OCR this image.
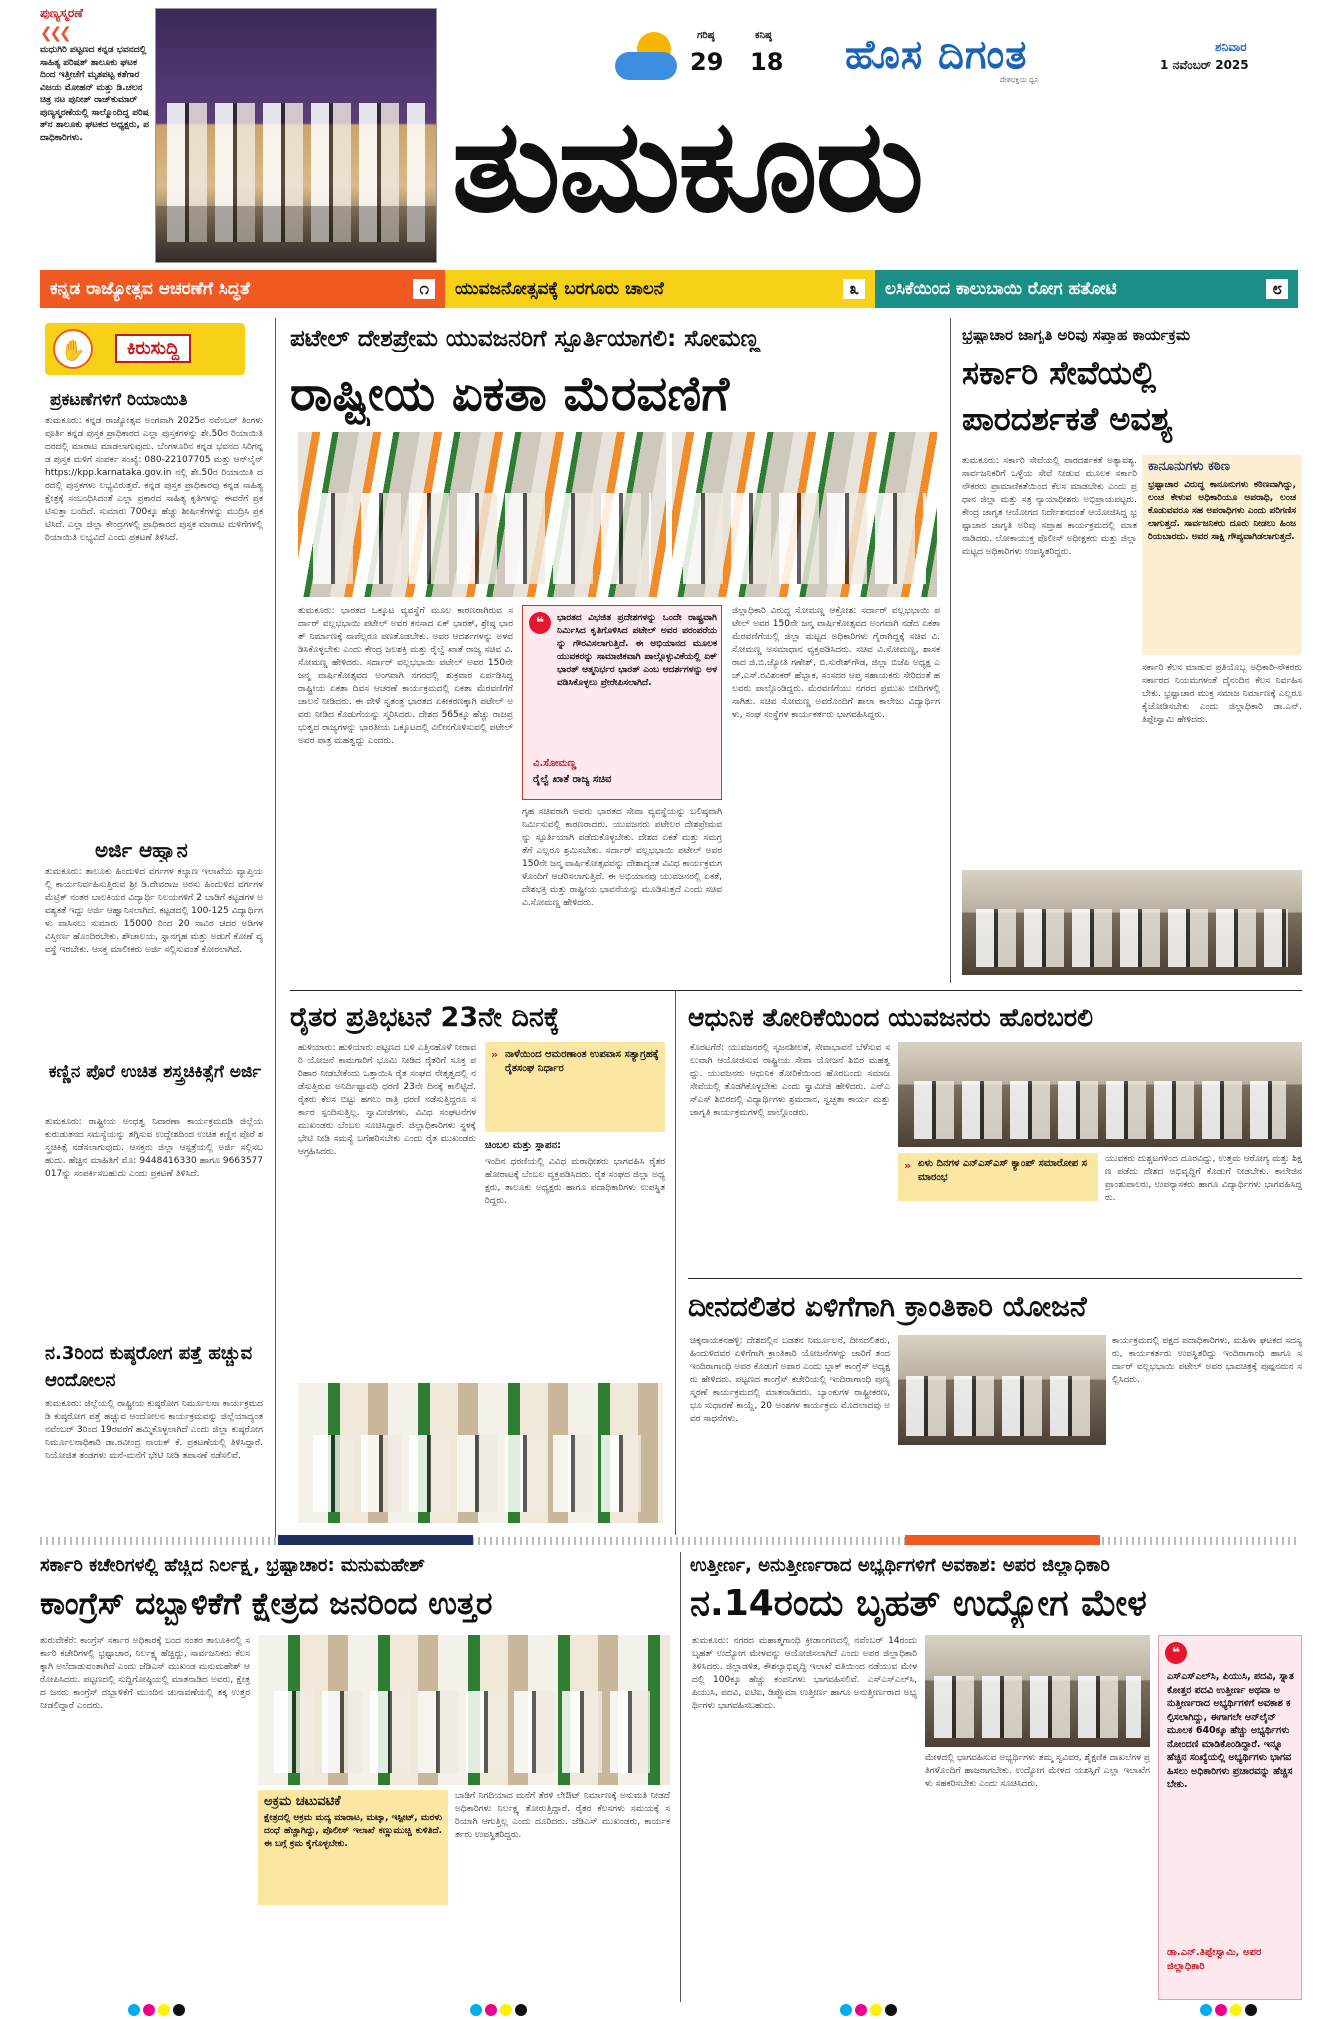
ಪುಣ್ಯಸ್ಮರಣೆ
❮❮❮
ಮಧುಗಿರಿ ಪಟ್ಟಣದ ಕನ್ನಡ ಭವನದಲ್ಲಿ ಸಾಹಿತ್ಯ ಪರಿಷತ್ ತಾಲೂಕು ಘಟಕದಿಂದ ಇತ್ತೀಚೆಗೆ ಮೃತಪಟ್ಟ ಕತೆಗಾರ ವಿಜಯ ಮೋಹನ್ ಮತ್ತು ಡಿ.ಚಲನಚಿತ್ರ ನಟ ಪುನೀತ್ ರಾಜ್‌ಕುಮಾರ್ ಪುಣ್ಯಸ್ಮರಣೆಯಲ್ಲಿ ಸಾಲ್ಮೊಂದಿದ್ದ ಪರಿಷತ್‌ನ ತಾಲೂಕು ಘಟಕದ ಅಧ್ಯಕ್ಷರು, ಪದಾಧಿಕಾರಿಗಳು.
ಗರಿಷ್ಠ
29
ಕನಿಷ್ಠ
18 ಹೊಸ ದಿಗಂತ
ದೇಶಭಕ್ತಿಯ ಧ್ವನಿ
ಶನಿವಾರ
1 ನವೆಂಬರ್ 2025
ತುಮಕೂರು
ಕನ್ನಡ ರಾಜ್ಯೋತ್ಸವ ಆಚರಣೆಗೆ ಸಿದ್ಧತೆ	೧	ಯುವಜನೋತ್ಸವಕ್ಕೆ ಬರಗೂರು ಚಾಲನೆ	೩	ಲಸಿಕೆಯಿಂದ ಕಾಲುಬಾಯಿ ರೋಗ ಹತೋಟಿ	೮
✋	ಕಿರುಸುದ್ದಿ
ಪ್ರಕಟಣೆಗಳಿಗೆ ರಿಯಾಯಿತಿ
ತುಮಕೂರು: ಕನ್ನಡ ರಾಜ್ಯೋತ್ಸವ ಅಂಗವಾಗಿ 2025ರ ನವೆಂಬರ್ ತಿಂಗಳು ಪೂರ್ತಿ ಕನ್ನಡ ಪುಸ್ತಕ ಪ್ರಾಧಿಕಾರದ ಎಲ್ಲಾ ಪುಸ್ತಕಗಳನ್ನು ಶೇ.50ರ ರಿಯಾಯಿತಿ ದರದಲ್ಲಿ ಮಾರಾಟ ಮಾಡಲಾಗುವುದು. ಬೆಂಗಳೂರಿನ ಕನ್ನಡ ಭವನದ ಸಿರಿಗನ್ನಡ ಪುಸ್ತಕ ಮಳಿಗೆ ಸಂಪರ್ಕ ಸಂಖ್ಯೆ: 080-22107705 ಮತ್ತು ಆನ್‌ಲೈನ್ https://kpp.karnataka.gov.in ನಲ್ಲಿ ಶೇ.50ರ ರಿಯಾಯಿತಿ ದರದಲ್ಲಿ ಪುಸ್ತಕಗಳು ಲಭ್ಯವಿರುತ್ತವೆ. ಕನ್ನಡ ಪುಸ್ತಕ ಪ್ರಾಧಿಕಾರವು ಕನ್ನಡ ಸಾಹಿತ್ಯ ಕ್ಷೇತ್ರಕ್ಕೆ ಸಂಬಂಧಿಸಿದಂತೆ ಎಲ್ಲಾ ಪ್ರಕಾರದ ಸಾಹಿತ್ಯ ಕೃತಿಗಳನ್ನು ಈವರೆಗೆ ಪ್ರಕಟಿಸುತ್ತಾ ಬಂದಿದೆ. ಸುಮಾರು 700ಕ್ಕೂ ಹೆಚ್ಚು ಶೀರ್ಷಿಕೆಗಳನ್ನು ಮುದ್ರಿಸಿ ಪ್ರಕಟಿಸಿದೆ. ಎಲ್ಲಾ ಜಿಲ್ಲಾ ಕೇಂದ್ರಗಳಲ್ಲಿ ಪ್ರಾಧಿಕಾರದ ಪುಸ್ತಕ ಮಾರಾಟ ಮಳಿಗೆಗಳಲ್ಲಿ ರಿಯಾಯಿತಿ ಲಭ್ಯವಿದೆ ಎಂದು ಪ್ರಕಟಣೆ ತಿಳಿಸಿದೆ.
ಅರ್ಜಿ ಆಹ್ವಾನ
ತುಮಕೂರು: ತಾಲೂಕು ಹಿಂದುಳಿದ ವರ್ಗಗಳ ಕಲ್ಯಾಣ ಇಲಾಖೆಯ ವ್ಯಾಪ್ತಿಯಲ್ಲಿ ಕಾರ್ಯನಿರ್ವಹಿಸುತ್ತಿರುವ ಶ್ರೀ ಡಿ.ದೇವರಾಜ ಅರಸು ಹಿಂದುಳಿದ ವರ್ಗಗಳ ಮೆಟ್ರಿಕ್ ನಂತರ ಬಾಲಕಿಯರ ವಿದ್ಯಾರ್ಥಿ ನಿಲಯಗಳಿಗೆ 2 ಬಾಡಿಗೆ ಕಟ್ಟಡಗಳ ಅವಶ್ಯಕತೆ ಇದ್ದು ಅರ್ಜಿ ಆಹ್ವಾನಿಸಲಾಗಿದೆ. ಕಟ್ಟಡದಲ್ಲಿ 100-125 ವಿದ್ಯಾರ್ಥಿಗಳು ವಾಸಿಸಲು ಸುಮಾರು 15000 ರಿಂದ 20 ಸಾವಿರ ಚದರ ಅಡಿಗಳ ವಿಸ್ತೀರ್ಣ ಹೊಂದಿರಬೇಕು. ಶೌಚಾಲಯ, ಸ್ನಾನಗೃಹ ಮತ್ತು ಅಡುಗೆ ಕೋಣೆ ವ್ಯವಸ್ಥೆ ಇರಬೇಕು. ಆಸಕ್ತ ಮಾಲೀಕರು ಅರ್ಜಿ ಸಲ್ಲಿಸುವಂತೆ ಕೋರಲಾಗಿದೆ.
ಕಣ್ಣಿನ ಪೊರೆ ಉಚಿತ ಶಸ್ತ್ರಚಿಕಿತ್ಸೆಗೆ ಅರ್ಜಿ
ತುಮಕೂರು: ರಾಷ್ಟ್ರೀಯ ಅಂಧತ್ವ ನಿವಾರಣಾ ಕಾರ್ಯಕ್ರಮದಡಿ ಜಿಲ್ಲೆಯ ಕುರುಡುತನದ ಸಮಸ್ಯೆಯನ್ನು ತಗ್ಗಿಸುವ ಉದ್ದೇಶದಿಂದ ಉಚಿತ ಕಣ್ಣಿನ ಪೊರೆ ಶಸ್ತ್ರಚಿಕಿತ್ಸೆ ನಡೆಸಲಾಗುವುದು. ಆಸಕ್ತರು ಜಿಲ್ಲಾ ಆಸ್ಪತ್ರೆಯಲ್ಲಿ ಅರ್ಜಿ ಸಲ್ಲಿಸಬಹುದು. ಹೆಚ್ಚಿನ ಮಾಹಿತಿಗೆ ಮೊ: 9448416330 ಹಾಗೂ 9663577017ನ್ನು ಸಂಪರ್ಕಿಸಬಹುದು ಎಂದು ಪ್ರಕಟಣೆ ತಿಳಿಸಿದೆ.
ನ.3ರಿಂದ ಕುಷ್ಠರೋಗ ಪತ್ತೆ ಹಚ್ಚುವ ಆಂದೋಲನ
ತುಮಕೂರು: ಜಿಲ್ಲೆಯಲ್ಲಿ ರಾಷ್ಟ್ರೀಯ ಕುಷ್ಠರೋಗ ನಿರ್ಮೂಲನಾ ಕಾರ್ಯಕ್ರಮದಡಿ ಕುಷ್ಠರೋಗ ಪತ್ತೆ ಹಚ್ಚುವ ಆಂದೋಲನ ಕಾರ್ಯಕ್ರಮವನ್ನು ಜಿಲ್ಲೆಯಾದ್ಯಂತ ನವೆಂಬರ್ 3ರಿಂದ 19ರವರೆಗೆ ಹಮ್ಮಿಕೊಳ್ಳಲಾಗಿದೆ ಎಂದು ಜಿಲ್ಲಾ ಕುಷ್ಠರೋಗ ನಿರ್ಮೂಲನಾಧಿಕಾರಿ ಡಾ.ರವೀಂದ್ರ ನಾಯಕ್ ಕೆ. ಪ್ರಕಟಣೆಯಲ್ಲಿ ತಿಳಿಸಿದ್ದಾರೆ. ನಿಯೋಜಿತ ತಂಡಗಳು ಮನೆ-ಮನೆಗೆ ಭೇಟಿ ನೀಡಿ ತಪಾಸಣೆ ನಡೆಸಲಿವೆ.
ಪಟೇಲ್ ದೇಶಪ್ರೇಮ ಯುವಜನರಿಗೆ ಸ್ಫೂರ್ತಿಯಾಗಲಿ: ಸೋಮಣ್ಣ
ರಾಷ್ಟ್ರೀಯ ಏಕತಾ ಮೆರವಣಿಗೆ
ತುಮಕೂರು: ಭಾರತದ ಒಕ್ಕೂಟ ವ್ಯವಸ್ಥೆಗೆ ಮೂಲ ಕಾರಣರಾಗಿರುವ ಸರ್ದಾರ್ ವಲ್ಲಭಭಾಯಿ ಪಟೇಲ್ ಅವರ ಕನಸಾದ ಏಕ್ ಭಾರತ್, ಶ್ರೇಷ್ಠ ಭಾರತ್ ನಿರ್ಮಾಣಕ್ಕೆ ನಾವೆಲ್ಲರೂ ಪಣತೊಡಬೇಕು. ಅವರ ಆದರ್ಶಗಳನ್ನು ಅಳವಡಿಸಿಕೊಳ್ಳಬೇಕು ಎಂದು ಕೇಂದ್ರ ಜಲಶಕ್ತಿ ಮತ್ತು ರೈಲ್ವೆ ಖಾತೆ ರಾಜ್ಯ ಸಚಿವ ವಿ.ಸೋಮಣ್ಣ ಹೇಳಿದರು. ಸರ್ದಾರ್ ವಲ್ಲಭಭಾಯಿ ಪಟೇಲ್ ಅವರ 150ನೇ ಜನ್ಮ ವಾರ್ಷಿಕೋತ್ಸವದ ಅಂಗವಾಗಿ ನಗರದಲ್ಲಿ ಶುಕ್ರವಾರ ಏರ್ಪಡಿಸಿದ್ದ ರಾಷ್ಟ್ರೀಯ ಏಕತಾ ದಿವಸ ಆಚರಣೆ ಕಾರ್ಯಕ್ರಮದಲ್ಲಿ ಏಕತಾ ಮೆರವಣಿಗೆಗೆ ಚಾಲನೆ ನೀಡಿದರು. ಈ ವೇಳೆ ಸ್ವತಂತ್ರ ಭಾರತದ ಏಕೀಕರಣಕ್ಕಾಗಿ ಪಟೇಲ್ ಅವರು ನೀಡಿದ ಕೊಡುಗೆಯನ್ನು ಸ್ಮರಿಸಿದರು. ದೇಶದ 565ಕ್ಕೂ ಹೆಚ್ಚು ರಾಜಪ್ರಭುತ್ವದ ರಾಜ್ಯಗಳನ್ನು ಭಾರತೀಯ ಒಕ್ಕೂಟದಲ್ಲಿ ವಿಲೀನಗೊಳಿಸುವಲ್ಲಿ ಪಟೇಲ್ ಅವರ ಪಾತ್ರ ಮಹತ್ವದ್ದು ಎಂದರು.
❝	ಭಾರತದ ವಿಭಜಿತ ಪ್ರದೇಶಗಳನ್ನು ಒಂದೇ ರಾಷ್ಟ್ರವಾಗಿ ನಿರ್ಮಿಸಿದ ಕೃತಿಗೊಳಿಸಿದ ಪಟೇಲ್ ಅವರ ಪರಂಪರೆಯನ್ನು ಗೌರವಿಸಲಾಗುತ್ತಿದೆ. ಈ ಅಭಿಯಾನದ ಮೂಲಕ ಯುವಕರನ್ನು ಸಾಮಾಜಿಕವಾಗಿ ಪಾಲ್ಗೊಳ್ಳುವಿಕೆಯಲ್ಲಿ ಏಕ್ ಭಾರತ್ ಆತ್ಮನಿರ್ಭರ ಭಾರತ್ ಎಂಬ ಆದರ್ಶಗಳನ್ನು ಅಳವಡಿಸಿಕೊಳ್ಳಲು ಪ್ರೇರೇಪಿಸಲಾಗಿದೆ.
ವಿ.ಸೋಮಣ್ಣ
ರೈಲ್ವೆ ಖಾತೆ ರಾಜ್ಯ ಸಚಿವ
ಗೃಹ ಸಚಿವರಾಗಿ ಅವರು ಭಾರತದ ಸೇವಾ ವ್ಯವಸ್ಥೆಯನ್ನು ಬಲಿಷ್ಠವಾಗಿ ನಿರ್ಮಿಸುವಲ್ಲಿ ಕಾರಣರಾದರು. ಯುವಜನರು ಪಟೇಲರ ದೇಶಪ್ರೇಮವನ್ನು ಸ್ಫೂರ್ತಿಯಾಗಿ ಪಡೆದುಕೊಳ್ಳಬೇಕು. ದೇಶದ ಏಕತೆ ಮತ್ತು ಸಮಗ್ರತೆಗೆ ಎಲ್ಲರೂ ಶ್ರಮಿಸಬೇಕು. ಸರ್ದಾರ್ ವಲ್ಲಭಭಾಯಿ ಪಟೇಲ್ ಅವರ 150ನೇ ಜನ್ಮ ವಾರ್ಷಿಕೋತ್ಸವವನ್ನು ದೇಶಾದ್ಯಂತ ವಿವಿಧ ಕಾರ್ಯಕ್ರಮಗಳೊಂದಿಗೆ ಆಚರಿಸಲಾಗುತ್ತಿದೆ. ಈ ಅಭಿಯಾನವು ಯುವಜನರಲ್ಲಿ ಏಕತೆ, ದೇಶಭಕ್ತಿ ಮತ್ತು ರಾಷ್ಟ್ರೀಯ ಭಾವನೆಯನ್ನು ಮೂಡಿಸುತ್ತದೆ ಎಂದು ಸಚಿವ ವಿ.ಸೋಮಣ್ಣ ಹೇಳಿದರು.
ಜಿಲ್ಲಾಧಿಕಾರಿ ವಿರುದ್ಧ ಸೋಮಣ್ಣ ಆಕ್ರೋಶ: ಸರ್ದಾರ್ ವಲ್ಲಭಭಾಯಿ ಪಟೇಲ್ ಅವರ 150ನೇ ಜನ್ಮ ವಾರ್ಷಿಕೋತ್ಸವದ ಅಂಗವಾಗಿ ನಡೆದ ಏಕತಾ ಮೆರವಣಿಗೆಯಲ್ಲಿ ಜಿಲ್ಲಾ ಮಟ್ಟದ ಅಧಿಕಾರಿಗಳು ಗೈರಾಗಿದ್ದಕ್ಕೆ ಸಚಿವ ವಿ.ಸೋಮಣ್ಣ ಅಸಮಾಧಾನ ವ್ಯಕ್ತಪಡಿಸಿದರು. ಸಚಿವ ವಿ.ಸೋಮಣ್ಣ, ಶಾಸಕರಾದ ಜಿ.ಬಿ.ಜ್ಯೋತಿ ಗಣೇಶ್, ಬಿ.ಸುರೇಶ್‌ಗೌಡ, ಜಿಲ್ಲಾ ಬಿಜೆಪಿ ಅಧ್ಯಕ್ಷ ಎಚ್.ಎಸ್.ರವಿಶಂಕರ್ ಹೆಬ್ಬಾಕ, ಸಂಸದರ ಆಪ್ತ ಸಹಾಯಕರು ಸೇರಿದಂತೆ ಹಲವರು ಪಾಲ್ಗೊಂಡಿದ್ದರು. ಮೆರವಣಿಗೆಯು ನಗರದ ಪ್ರಮುಖ ಬೀದಿಗಳಲ್ಲಿ ಸಾಗಿತು. ಸಚಿವ ಸೋಮಣ್ಣ ಅವರೊಂದಿಗೆ ಶಾಲಾ ಕಾಲೇಜು ವಿದ್ಯಾರ್ಥಿಗಳು, ಸಂಘ ಸಂಸ್ಥೆಗಳ ಕಾರ್ಯಕರ್ತರು ಭಾಗವಹಿಸಿದ್ದರು.
ಭ್ರಷ್ಟಾಚಾರ ಜಾಗೃತಿ ಅರಿವು ಸಪ್ತಾಹ ಕಾರ್ಯಕ್ರಮ
ಸರ್ಕಾರಿ ಸೇವೆಯಲ್ಲಿ ಪಾರದರ್ಶಕತೆ ಅವಶ್ಯ
ತುಮಕೂರು: ಸರ್ಕಾರಿ ಸೇವೆಯಲ್ಲಿ ಪಾರದರ್ಶಕತೆ ಅತ್ಯಾವಶ್ಯ. ಸಾರ್ವಜನಿಕರಿಗೆ ಒಳ್ಳೆಯ ಸೇವೆ ನೀಡುವ ಮೂಲಕ ಸರ್ಕಾರಿ ನೌಕರರು ಪ್ರಾಮಾಣಿಕತೆಯಿಂದ ಕೆಲಸ ಮಾಡಬೇಕು ಎಂದು ಪ್ರಧಾನ ಜಿಲ್ಲಾ ಮತ್ತು ಸತ್ರ ನ್ಯಾಯಾಧೀಶರು ಅಭಿಪ್ರಾಯಪಟ್ಟರು. ಕೇಂದ್ರ ಜಾಗೃತ ಆಯೋಗದ ನಿರ್ದೇಶನದಂತೆ ಆಯೋಜಿಸಿದ್ದ ಭ್ರಷ್ಟಾಚಾರ ಜಾಗೃತಿ ಅರಿವು ಸಪ್ತಾಹ ಕಾರ್ಯಕ್ರಮದಲ್ಲಿ ಮಾತನಾಡಿದರು. ಲೋಕಾಯುಕ್ತ ಪೊಲೀಸ್ ಅಧೀಕ್ಷಕರು ಮತ್ತು ಜಿಲ್ಲಾ ಮಟ್ಟದ ಅಧಿಕಾರಿಗಳು ಉಪಸ್ಥಿತರಿದ್ದರು.
ಕಾನೂನುಗಳು ಕಠಿಣ
ಭ್ರಷ್ಟಾಚಾರ ವಿರುದ್ಧ ಕಾನೂನುಗಳು ಕಠಿಣವಾಗಿದ್ದು, ಲಂಚ ಕೇಳುವ ಅಧಿಕಾರಿಯೂ ಅಪರಾಧಿ, ಲಂಚ ಕೊಡುವವರೂ ಸಹ ಅಪರಾಧಿಗಳು ಎಂದು ಪರಿಗಣಿಸಲಾಗುತ್ತದೆ. ಸಾರ್ವಜನಿಕರು ದೂರು ನೀಡಲು ಹಿಂಜರಿಯಬಾರದು. ಅವರ ಸಾಕ್ಷಿ ಗೌಪ್ಯವಾಗಿಡಲಾಗುತ್ತದೆ.
ಸರ್ಕಾರಿ ಕೆಲಸ ಮಾಡುವ ಪ್ರತಿಯೊಬ್ಬ ಅಧಿಕಾರಿ-ನೌಕರರು ಸರ್ಕಾರದ ನಿಯಮಗಳಂತೆ ದೈನಂದಿನ ಕೆಲಸ ನಿರ್ವಹಿಸಬೇಕು. ಭ್ರಷ್ಟಾಚಾರ ಮುಕ್ತ ಸಮಾಜ ನಿರ್ಮಾಣಕ್ಕೆ ಎಲ್ಲರೂ ಕೈಜೋಡಿಸಬೇಕು ಎಂದು ಜಿಲ್ಲಾಧಿಕಾರಿ ಡಾ.ಎನ್.ತಿಪ್ಪೇಸ್ವಾಮಿ ಹೇಳಿದರು.
ರೈತರ ಪ್ರತಿಭಟನೆ 23ನೇ ದಿನಕ್ಕೆ
ಹುಳಿಯಾರು: ಹುಳಿಯಾರು ಪಟ್ಟಣದ ಬಳಿ ಎತ್ತಿನಹೊಳೆ ನೀರಾವರಿ ಯೋಜನೆ ಕಾಮಗಾರಿಗೆ ಭೂಮಿ ನೀಡಿದ ರೈತರಿಗೆ ಸೂಕ್ತ ಪರಿಹಾರ ನೀಡಬೇಕೆಂದು ಒತ್ತಾಯಿಸಿ ರೈತ ಸಂಘದ ನೇತೃತ್ವದಲ್ಲಿ ನಡೆಸುತ್ತಿರುವ ಅನಿರ್ದಿಷ್ಟಾವಧಿ ಧರಣಿ 23ನೇ ದಿನಕ್ಕೆ ಕಾಲಿಟ್ಟಿದೆ. ರೈತರು ಕೆಲಸ ಬಿಟ್ಟು ಹಗಲು ರಾತ್ರಿ ಧರಣಿ ನಡೆಸುತ್ತಿದ್ದರೂ ಸರ್ಕಾರ ಸ್ಪಂದಿಸುತ್ತಿಲ್ಲ. ಸ್ವಾಮೀಜಿಗಳು, ವಿವಿಧ ಸಂಘಟನೆಗಳ ಮುಖಂಡರು ಬೆಂಬಲ ಸೂಚಿಸಿದ್ದಾರೆ. ಜಿಲ್ಲಾಧಿಕಾರಿಗಳು ಸ್ಥಳಕ್ಕೆ ಭೇಟಿ ನೀಡಿ ಸಮಸ್ಯೆ ಬಗೆಹರಿಸಬೇಕು ಎಂದು ರೈತ ಮುಖಂಡರು ಆಗ್ರಹಿಸಿದರು.
» ನಾಳೆಯಿಂದ ಆಮರಣಾಂತ ಉಪವಾಸ ಸತ್ಯಾಗ್ರಹಕ್ಕೆ ರೈತಸಂಘ ನಿರ್ಧಾರ
ಚಿಂಬಲ ಮತ್ತು ಸ್ಥಾಪನ:
ಇಂದಿನ ಧರಣಿಯಲ್ಲಿ ವಿವಿಧ ಮಠಾಧೀಶರು ಭಾಗವಹಿಸಿ ರೈತರ ಹೋರಾಟಕ್ಕೆ ಬೆಂಬಲ ವ್ಯಕ್ತಪಡಿಸಿದರು. ರೈತ ಸಂಘದ ಜಿಲ್ಲಾ ಅಧ್ಯಕ್ಷರು, ತಾಲೂಕು ಅಧ್ಯಕ್ಷರು ಹಾಗೂ ಪದಾಧಿಕಾರಿಗಳು ಉಪಸ್ಥಿತರಿದ್ದರು.
ಆಧುನಿಕ ತೋರಿಕೆಯಿಂದ ಯುವಜನರು ಹೊರಬರಲಿ
ಕೊರಟಗೆರೆ: ಯುವಜನರಲ್ಲಿ ಸೃಜನಶೀಲತೆ, ಸೇವಾಭಾವನೆ ಬೆಳೆಸುವ ಸಲುವಾಗಿ ಆಯೋಜಿಸುವ ರಾಷ್ಟ್ರೀಯ ಸೇವಾ ಯೋಜನೆ ಶಿಬಿರ ಮಹತ್ವದ್ದು. ಯುವಜನರು ಆಧುನಿಕ ತೋರಿಕೆಯಿಂದ ಹೊರಬಂದು ಸಮಾಜ ಸೇವೆಯಲ್ಲಿ ತೊಡಗಿಕೊಳ್ಳಬೇಕು ಎಂದು ಸ್ವಾಮೀಜಿ ಹೇಳಿದರು. ಎನ್‌ಎಸ್‌ಎಸ್ ಶಿಬಿರದಲ್ಲಿ ವಿದ್ಯಾರ್ಥಿಗಳು ಶ್ರಮದಾನ, ಸ್ವಚ್ಛತಾ ಕಾರ್ಯ ಮತ್ತು ಜಾಗೃತಿ ಕಾರ್ಯಕ್ರಮಗಳಲ್ಲಿ ಪಾಲ್ಗೊಂಡರು.
» ಏಳು ದಿನಗಳ ಎನ್‌ಎಸ್‌ಎಸ್ ಕ್ಯಾಂಪ್ ಸಮಾರೋಪ ಸಮಾರಂಭ
ಯುವಕರು ದುಶ್ಚಟಗಳಿಂದ ದೂರವಿದ್ದು, ಉತ್ತಮ ಆರೋಗ್ಯ ಮತ್ತು ಶಿಕ್ಷಣ ಪಡೆದು ದೇಶದ ಅಭಿವೃದ್ಧಿಗೆ ಕೊಡುಗೆ ನೀಡಬೇಕು. ಕಾಲೇಜಿನ ಪ್ರಾಂಶುಪಾಲರು, ಉಪನ್ಯಾಸಕರು ಹಾಗೂ ವಿದ್ಯಾರ್ಥಿಗಳು ಭಾಗವಹಿಸಿದ್ದರು.
ದೀನದಲಿತರ ಏಳಿಗೆಗಾಗಿ ಕ್ರಾಂತಿಕಾರಿ ಯೋಜನೆ
ಚಿಕ್ಕನಾಯಕನಹಳ್ಳಿ: ದೇಶದಲ್ಲಿನ ಬಡತನ ನಿರ್ಮೂಲನೆ, ದೀನದಲಿತರು, ಹಿಂದುಳಿದವರ ಏಳಿಗೆಗಾಗಿ ಕ್ರಾಂತಿಕಾರಿ ಯೋಜನೆಗಳನ್ನು ಜಾರಿಗೆ ತಂದ ಇಂದಿರಾಗಾಂಧಿ ಅವರ ಕೊಡುಗೆ ಅಪಾರ ಎಂದು ಬ್ಲಾಕ್ ಕಾಂಗ್ರೆಸ್ ಅಧ್ಯಕ್ಷರು ಹೇಳಿದರು. ಪಟ್ಟಣದ ಕಾಂಗ್ರೆಸ್ ಕಚೇರಿಯಲ್ಲಿ ಇಂದಿರಾಗಾಂಧಿ ಪುಣ್ಯಸ್ಮರಣೆ ಕಾರ್ಯಕ್ರಮದಲ್ಲಿ ಮಾತನಾಡಿದರು. ಬ್ಯಾಂಕುಗಳ ರಾಷ್ಟ್ರೀಕರಣ, ಭೂ ಸುಧಾರಣೆ ಕಾಯ್ದೆ, 20 ಅಂಶಗಳ ಕಾರ್ಯಕ್ರಮ ಮೊದಲಾದವು ಅವರ ಸಾಧನೆಗಳು.
ಕಾರ್ಯಕ್ರಮದಲ್ಲಿ ಪಕ್ಷದ ಪದಾಧಿಕಾರಿಗಳು, ಮಹಿಳಾ ಘಟಕದ ಸದಸ್ಯರು, ಕಾರ್ಯಕರ್ತರು ಉಪಸ್ಥಿತರಿದ್ದು ಇಂದಿರಾಗಾಂಧಿ ಹಾಗೂ ಸರ್ದಾರ್ ವಲ್ಲಭಭಾಯಿ ಪಟೇಲ್ ಅವರ ಭಾವಚಿತ್ರಕ್ಕೆ ಪುಷ್ಪನಮನ ಸಲ್ಲಿಸಿದರು.
ಸರ್ಕಾರಿ ಕಚೇರಿಗಳಲ್ಲಿ ಹೆಚ್ಚಿದ ನಿರ್ಲಕ್ಷ್ಯ, ಭ್ರಷ್ಟಾಚಾರ: ಮನುಮಹೇಶ್
ಕಾಂಗ್ರೆಸ್ ದಬ್ಬಾಳಿಕೆಗೆ ಕ್ಷೇತ್ರದ ಜನರಿಂದ ಉತ್ತರ
ತುರುವೇಕೆರೆ: ಕಾಂಗ್ರೆಸ್ ಸರ್ಕಾರ ಅಧಿಕಾರಕ್ಕೆ ಬಂದ ನಂತರ ತಾಲೂಕಿನಲ್ಲಿ ಸರ್ಕಾರಿ ಕಚೇರಿಗಳಲ್ಲಿ ಭ್ರಷ್ಟಾಚಾರ, ನಿರ್ಲಕ್ಷ್ಯ ಹೆಚ್ಚಿದ್ದು, ಸಾರ್ವಜನಿಕರು ಕೆಲಸಕ್ಕಾಗಿ ಅಲೆದಾಡುವಂತಾಗಿದೆ ಎಂದು ಜೆಡಿಎಸ್ ಮುಖಂಡ ಮನುಮಹೇಶ್ ಆರೋಪಿಸಿದರು. ಪಟ್ಟಣದಲ್ಲಿ ಸುದ್ದಿಗೋಷ್ಠಿಯಲ್ಲಿ ಮಾತನಾಡಿದ ಅವರು, ಕ್ಷೇತ್ರದ ಜನರು ಕಾಂಗ್ರೆಸ್ ದಬ್ಬಾಳಿಕೆಗೆ ಮುಂದಿನ ಚುನಾವಣೆಯಲ್ಲಿ ತಕ್ಕ ಉತ್ತರ ನೀಡಲಿದ್ದಾರೆ ಎಂದರು.
ಅಕ್ರಮ ಚಟುವಟಿಕೆ
ಕ್ಷೇತ್ರದಲ್ಲಿ ಅಕ್ರಮ ಮದ್ಯ ಮಾರಾಟ, ಮಟ್ಕಾ, ಇಸ್ಪೀಟ್, ಮರಳು ದಂಧೆ ಹೆಚ್ಚಾಗಿದ್ದು, ಪೊಲೀಸ್ ಇಲಾಖೆ ಕಣ್ಣುಮುಚ್ಚಿ ಕುಳಿತಿದೆ. ಈ ಬಗ್ಗೆ ಕ್ರಮ ಕೈಗೊಳ್ಳಬೇಕು.
ಬಾಡಿಗೆ ನಿಗದಿಯಾದ ಮನೆಗೆ ತೆರಳಿ ಲೇಔಟ್ ನಿರ್ಮಾಣಕ್ಕೆ ಅನುಮತಿ ನೀಡದೆ ಅಧಿಕಾರಿಗಳು ನಿರ್ಲಕ್ಷ್ಯ ತೋರುತ್ತಿದ್ದಾರೆ. ರೈತರ ಕೆಲಸಗಳು ಸಮಯಕ್ಕೆ ಸರಿಯಾಗಿ ಆಗುತ್ತಿಲ್ಲ ಎಂದು ದೂರಿದರು. ಜೆಡಿಎಸ್ ಮುಖಂಡರು, ಕಾರ್ಯಕರ್ತರು ಉಪಸ್ಥಿತರಿದ್ದರು.
ಉತ್ತೀರ್ಣ, ಅನುತ್ತೀರ್ಣರಾದ ಅಭ್ಯರ್ಥಿಗಳಿಗೆ ಅವಕಾಶ: ಅಪರ ಜಿಲ್ಲಾಧಿಕಾರಿ
ನ.14ರಂದು ಬೃಹತ್ ಉದ್ಯೋಗ ಮೇಳ
ತುಮಕೂರು: ನಗರದ ಮಹಾತ್ಮಗಾಂಧಿ ಕ್ರೀಡಾಂಗಣದಲ್ಲಿ ನವೆಂಬರ್ 14ರಂದು ಬೃಹತ್ ಉದ್ಯೋಗ ಮೇಳವನ್ನು ಆಯೋಜಿಸಲಾಗಿದೆ ಎಂದು ಅಪರ ಜಿಲ್ಲಾಧಿಕಾರಿ ತಿಳಿಸಿದರು. ಜಿಲ್ಲಾಡಳಿತ, ಕೌಶಲ್ಯಾಭಿವೃದ್ಧಿ ಇಲಾಖೆ ವತಿಯಿಂದ ನಡೆಯುವ ಮೇಳದಲ್ಲಿ 100ಕ್ಕೂ ಹೆಚ್ಚು ಕಂಪನಿಗಳು ಭಾಗವಹಿಸಲಿವೆ. ಎಸ್‌ಎಸ್‌ಎಲ್‌ಸಿ, ಪಿಯುಸಿ, ಪದವಿ, ಐಟಿಐ, ಡಿಪ್ಲೊಮಾ ಉತ್ತೀರ್ಣ ಹಾಗೂ ಅನುತ್ತೀರ್ಣರಾದ ಅಭ್ಯರ್ಥಿಗಳು ಭಾಗವಹಿಸಬಹುದು.
ಮೇಳದಲ್ಲಿ ಭಾಗವಹಿಸುವ ಅಭ್ಯರ್ಥಿಗಳು ತಮ್ಮ ಸ್ವವಿವರ, ಶೈಕ್ಷಣಿಕ ದಾಖಲೆಗಳ ಪ್ರತಿಗಳೊಂದಿಗೆ ಹಾಜರಾಗಬೇಕು. ಉದ್ಯೋಗ ಮೇಳದ ಯಶಸ್ಸಿಗೆ ಎಲ್ಲಾ ಇಲಾಖೆಗಳು ಸಹಕರಿಸಬೇಕು ಎಂದು ಸೂಚಿಸಿದರು.
❝
ಎಸ್‌ಎಸ್‌ಎಲ್‌ಸಿ, ಪಿಯುಸಿ, ಪದವಿ, ಸ್ನಾತಕೋತ್ತರ ಪದವಿ ಉತ್ತೀರ್ಣ ಅಥವಾ ಅನುತ್ತೀರ್ಣರಾದ ಅಭ್ಯರ್ಥಿಗಳಿಗೆ ಅವಕಾಶ ಕಲ್ಪಿಸಲಾಗಿದ್ದು, ಈಗಾಗಲೇ ಆನ್‌ಲೈನ್ ಮೂಲಕ 640ಕ್ಕೂ ಹೆಚ್ಚು ಅಭ್ಯರ್ಥಿಗಳು ನೋಂದಣಿ ಮಾಡಿಕೊಂಡಿದ್ದಾರೆ. ಇನ್ನೂ ಹೆಚ್ಚಿನ ಸಂಖ್ಯೆಯಲ್ಲಿ ಅಭ್ಯರ್ಥಿಗಳು ಭಾಗವಹಿಸಲು ಅಧಿಕಾರಿಗಳು ಪ್ರಚಾರವನ್ನು ಹೆಚ್ಚಿಸಬೇಕು.
ಡಾ.ಎನ್.ತಿಪ್ಪೇಸ್ವಾಮಿ, ಅಪರ ಜಿಲ್ಲಾಧಿಕಾರಿ
